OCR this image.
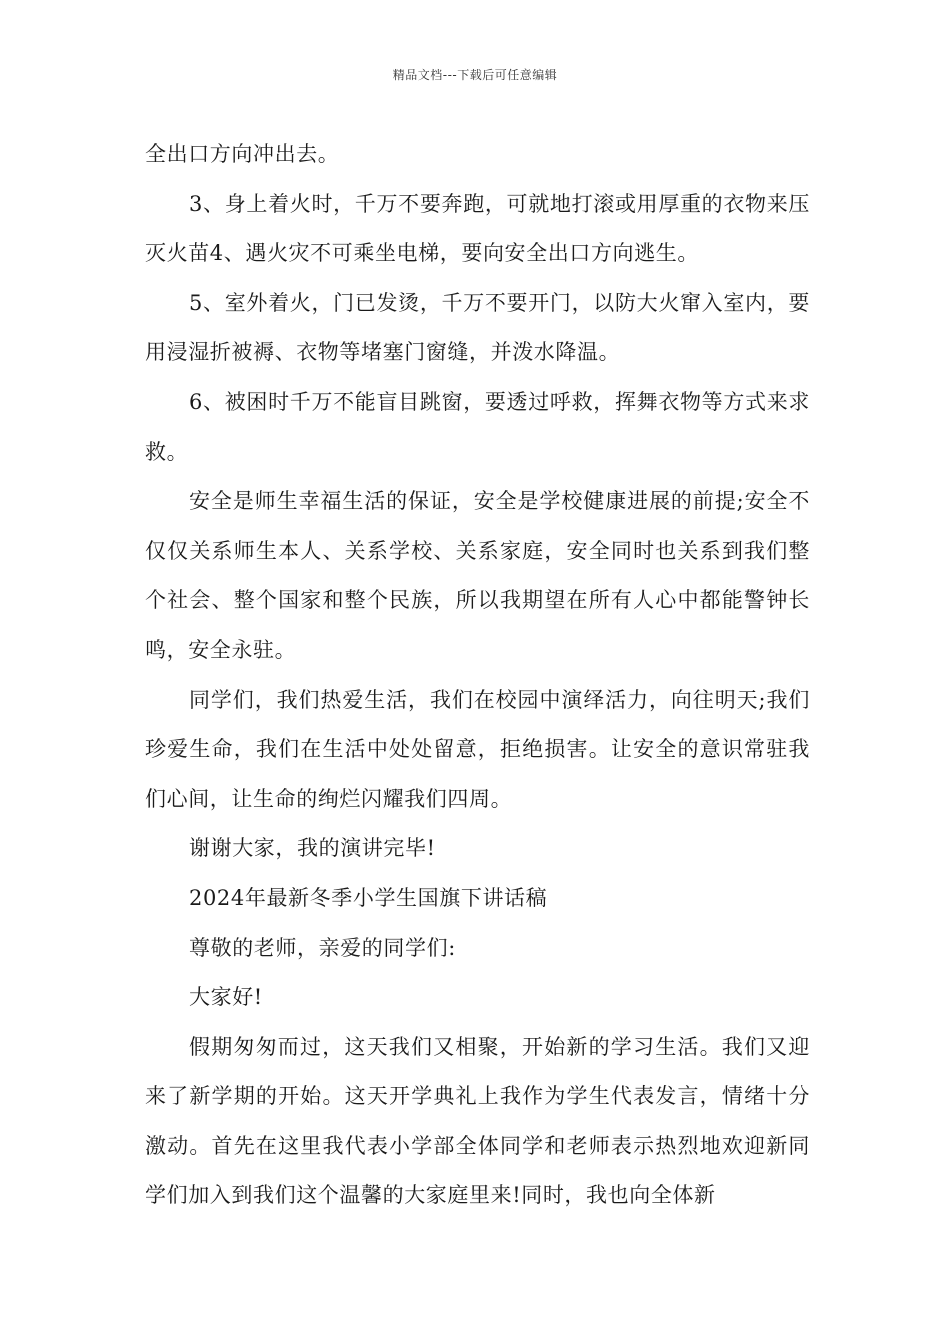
精品文档---下载后可任意编辑

全出口方向冲出去。

3、身上着火时，千万不要奔跑，可就地打滚或用厚重的衣物来压灭火苗4、遇火灾不可乘坐电梯，要向安全出口方向逃生。

5、室外着火，门已发烫，千万不要开门，以防大火窜入室内，要用浸湿折被褥、衣物等堵塞门窗缝，并泼水降温。

6、被困时千万不能盲目跳窗，要透过呼救，挥舞衣物等方式来求救。

安全是师生幸福生活的保证，安全是学校健康进展的前提;安全不仅仅关系师生本人、关系学校、关系家庭，安全同时也关系到我们整个社会、整个国家和整个民族，所以我期望在所有人心中都能警钟长鸣，安全永驻。

同学们，我们热爱生活，我们在校园中演绎活力，向往明天;我们珍爱生命，我们在生活中处处留意，拒绝损害。让安全的意识常驻我们心间，让生命的绚烂闪耀我们四周。

谢谢大家，我的演讲完毕!

2024年最新冬季小学生国旗下讲话稿

尊敬的老师，亲爱的同学们:

大家好!

假期匆匆而过，这天我们又相聚，开始新的学习生活。我们又迎来了新学期的开始。这天开学典礼上我作为学生代表发言，情绪十分激动。首先在这里我代表小学部全体同学和老师表示热烈地欢迎新同学们加入到我们这个温馨的大家庭里来!同时，我也向全体新
